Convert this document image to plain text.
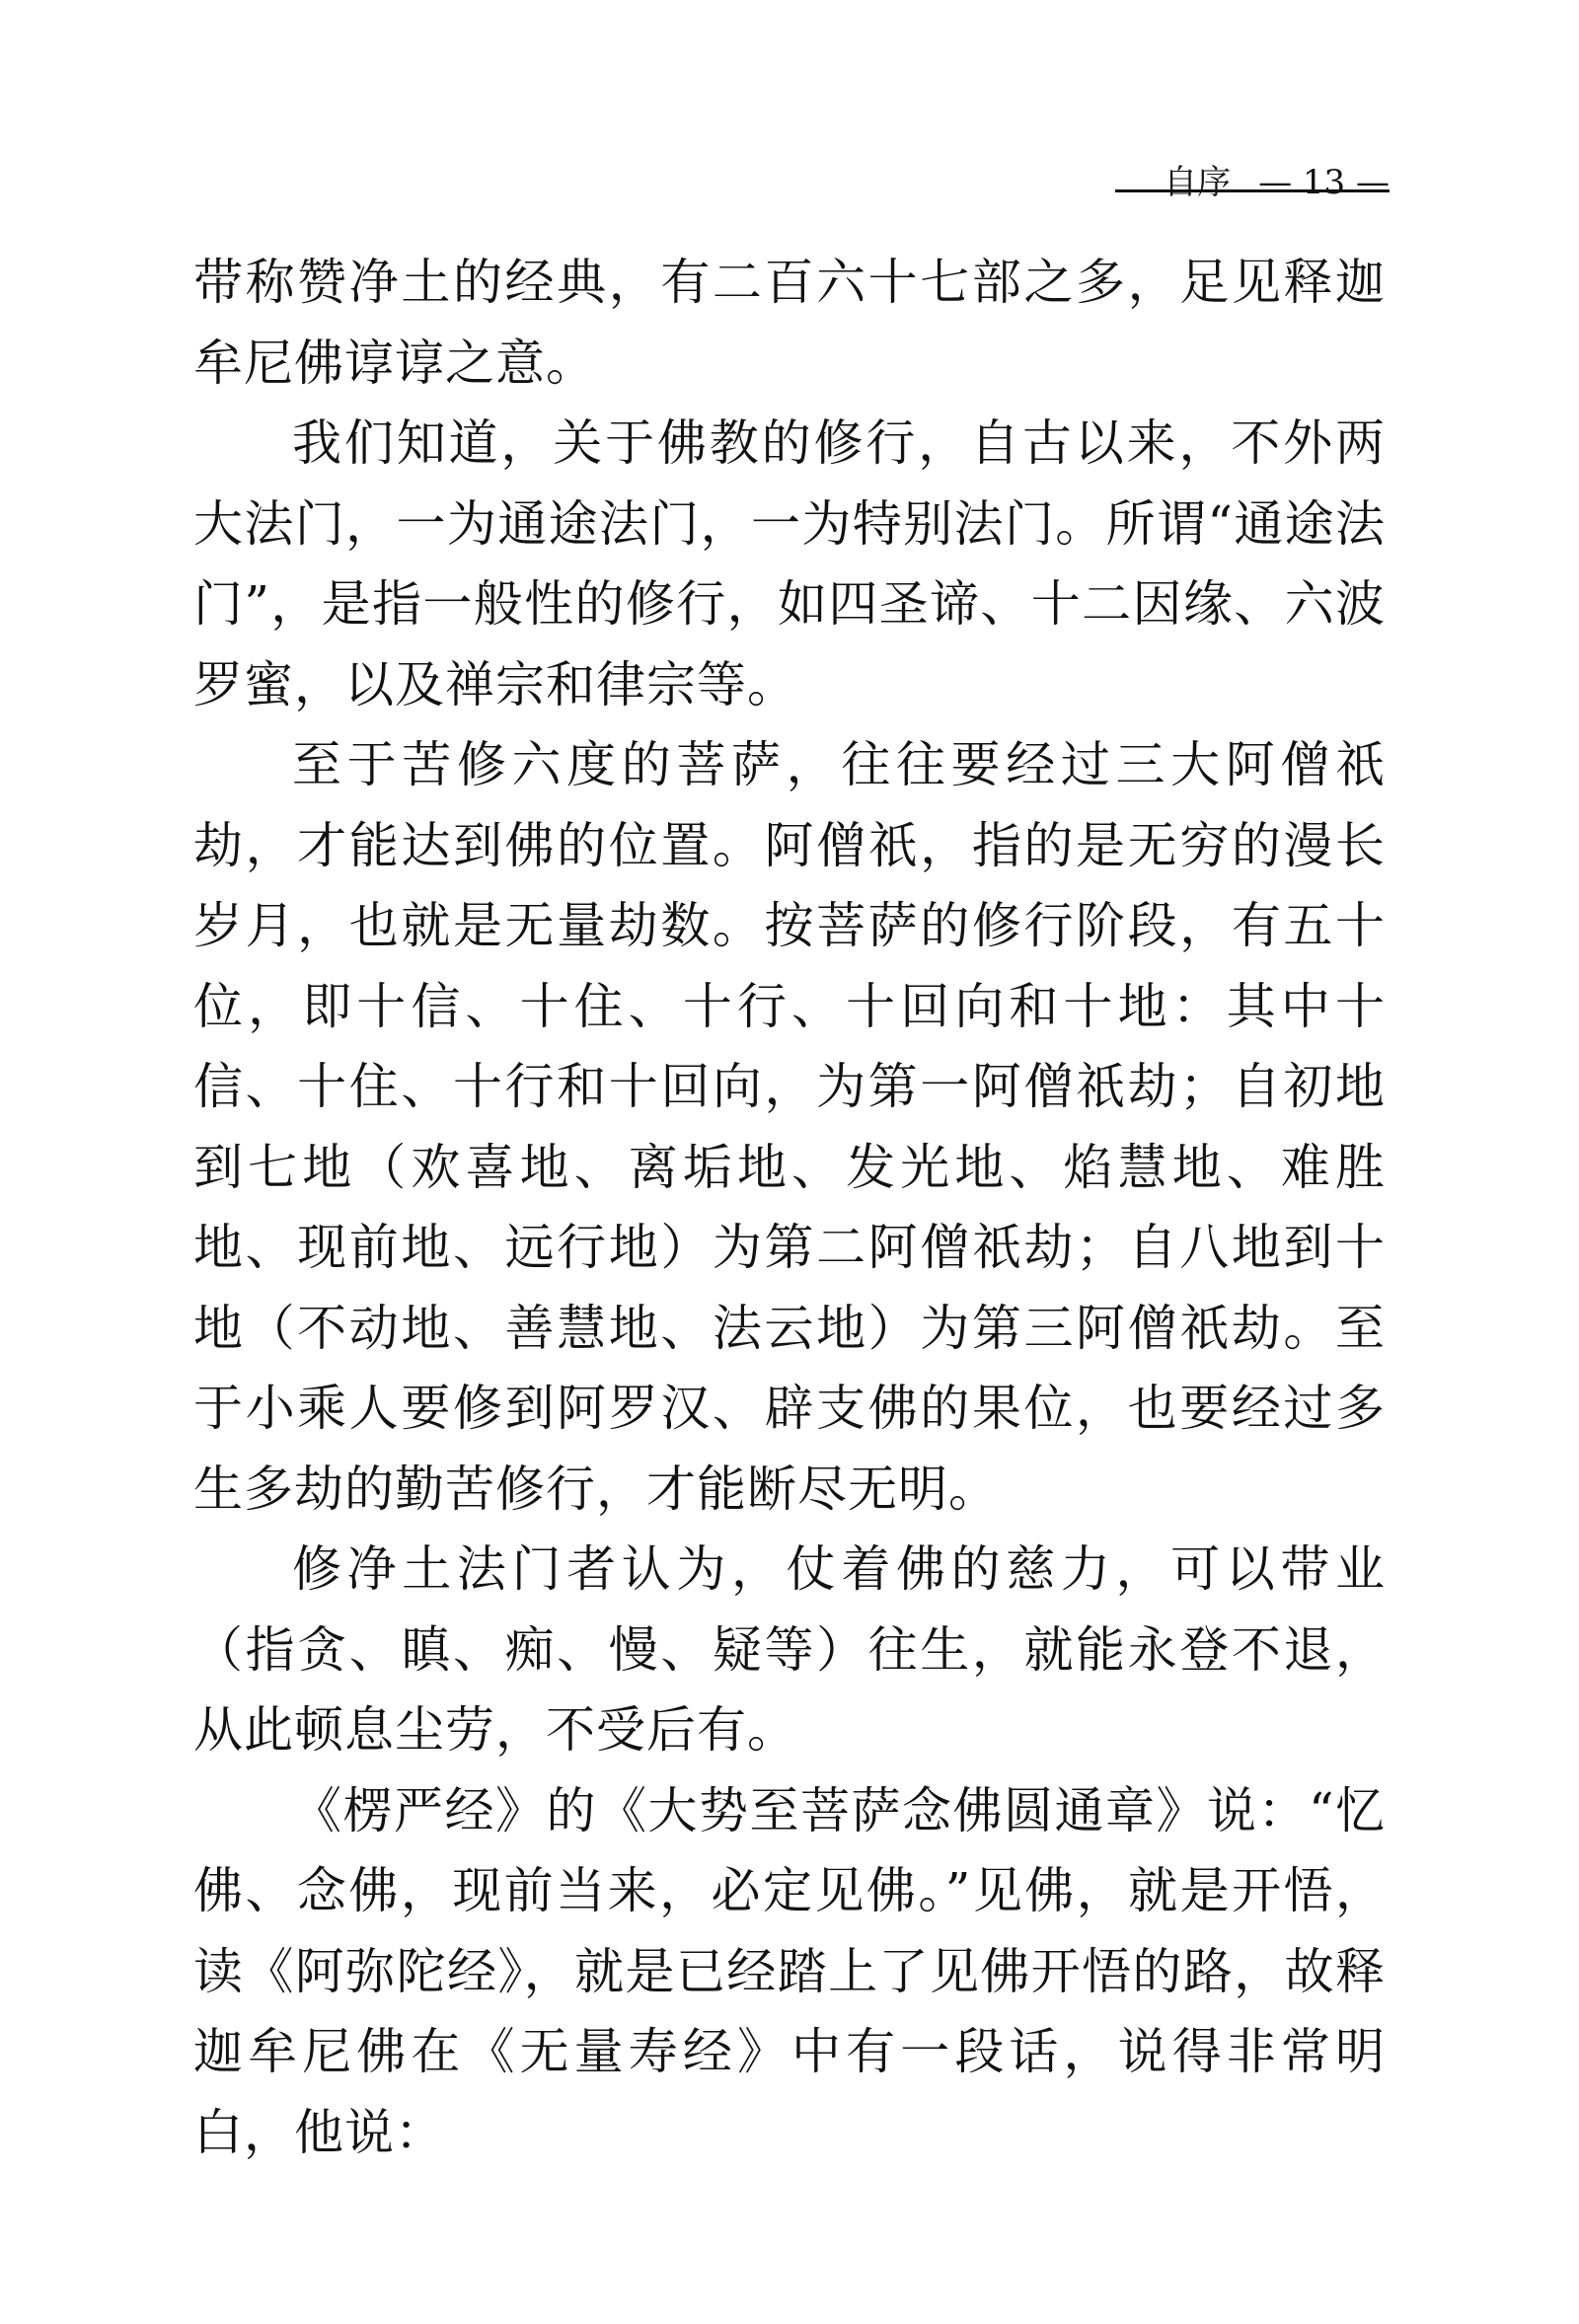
自序 — 13 —

带称赞净土的经典，有二百六十七部之多，足见释迦牟尼佛谆谆之意。

我们知道，关于佛教的修行，自古以来，不外两大法门，一为通途法门，一为特别法门。所谓“通途法门”，是指一般性的修行，如四圣谛、十二因缘、六波罗蜜，以及禅宗和律宗等。

至于苦修六度的菩萨，往往要经过三大阿僧祇劫，才能达到佛的位置。阿僧祇，指的是无穷的漫长岁月，也就是无量劫数。按菩萨的修行阶段，有五十位，即十信、十住、十行、十回向和十地：其中十信、十住、十行和十回向，为第一阿僧祇劫；自初地到七地（欢喜地、离垢地、发光地、焰慧地、难胜地、现前地、远行地）为第二阿僧祇劫；自八地到十地（不动地、善慧地、法云地）为第三阿僧祇劫。至于小乘人要修到阿罗汉、辟支佛的果位，也要经过多生多劫的勤苦修行，才能断尽无明。

修净土法门者认为，仗着佛的慈力，可以带业（指贪、瞋、痴、慢、疑等）往生，就能永登不退，从此顿息尘劳，不受后有。

《楞严经》的《大势至菩萨念佛圆通章》说：“忆佛、念佛，现前当来，必定见佛。”见佛，就是开悟，读《阿弥陀经》，就是已经踏上了见佛开悟的路，故释迦牟尼佛在《无量寿经》中有一段话，说得非常明白，他说：
